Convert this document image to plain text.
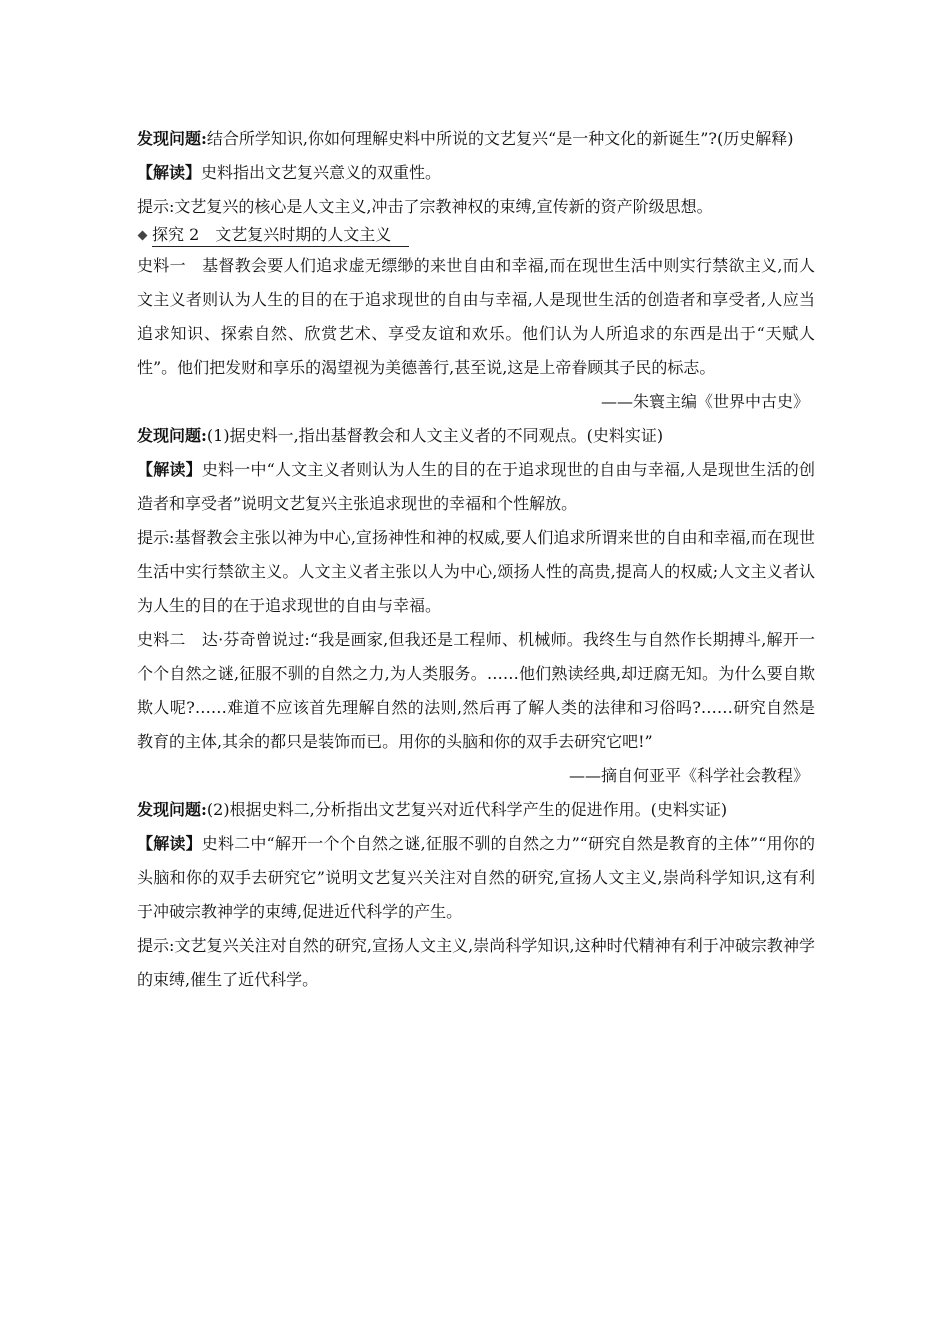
发现问题:结合所学知识,你如何理解史料中所说的文艺复兴“是一种文化的新诞生”?(历史解释)

【解读】史料指出文艺复兴意义的双重性。

提示:文艺复兴的核心是人文主义,冲击了宗教神权的束缚,宣传新的资产阶级思想。

探究 2　文艺复兴时期的人文主义

史料一　基督教会要人们追求虚无缥缈的来世自由和幸福,而在现世生活中则实行禁欲主义,而人文主义者则认为人生的目的在于追求现世的自由与幸福,人是现世生活的创造者和享受者,人应当追求知识、探索自然、欣赏艺术、享受友谊和欢乐。他们认为人所追求的东西是出于“天赋人性”。他们把发财和享乐的渴望视为美德善行,甚至说,这是上帝眷顾其子民的标志。

——朱寰主编《世界中古史》

发现问题:(1)据史料一,指出基督教会和人文主义者的不同观点。(史料实证)

【解读】史料一中“人文主义者则认为人生的目的在于追求现世的自由与幸福,人是现世生活的创造者和享受者”说明文艺复兴主张追求现世的幸福和个性解放。

提示:基督教会主张以神为中心,宣扬神性和神的权威,要人们追求所谓来世的自由和幸福,而在现世生活中实行禁欲主义。人文主义者主张以人为中心,颂扬人性的高贵,提高人的权威;人文主义者认为人生的目的在于追求现世的自由与幸福。

史料二　达·芬奇曾说过:“我是画家,但我还是工程师、机械师。我终生与自然作长期搏斗,解开一个个自然之谜,征服不驯的自然之力,为人类服务。……他们熟读经典,却迂腐无知。为什么要自欺欺人呢?……难道不应该首先理解自然的法则,然后再了解人类的法律和习俗吗?……研究自然是教育的主体,其余的都只是装饰而已。用你的头脑和你的双手去研究它吧!”

——摘自何亚平《科学社会教程》

发现问题:(2)根据史料二,分析指出文艺复兴对近代科学产生的促进作用。(史料实证)

【解读】史料二中“解开一个个自然之谜,征服不驯的自然之力”“研究自然是教育的主体”“用你的头脑和你的双手去研究它”说明文艺复兴关注对自然的研究,宣扬人文主义,崇尚科学知识,这有利于冲破宗教神学的束缚,促进近代科学的产生。

提示:文艺复兴关注对自然的研究,宣扬人文主义,崇尚科学知识,这种时代精神有利于冲破宗教神学的束缚,催生了近代科学。
